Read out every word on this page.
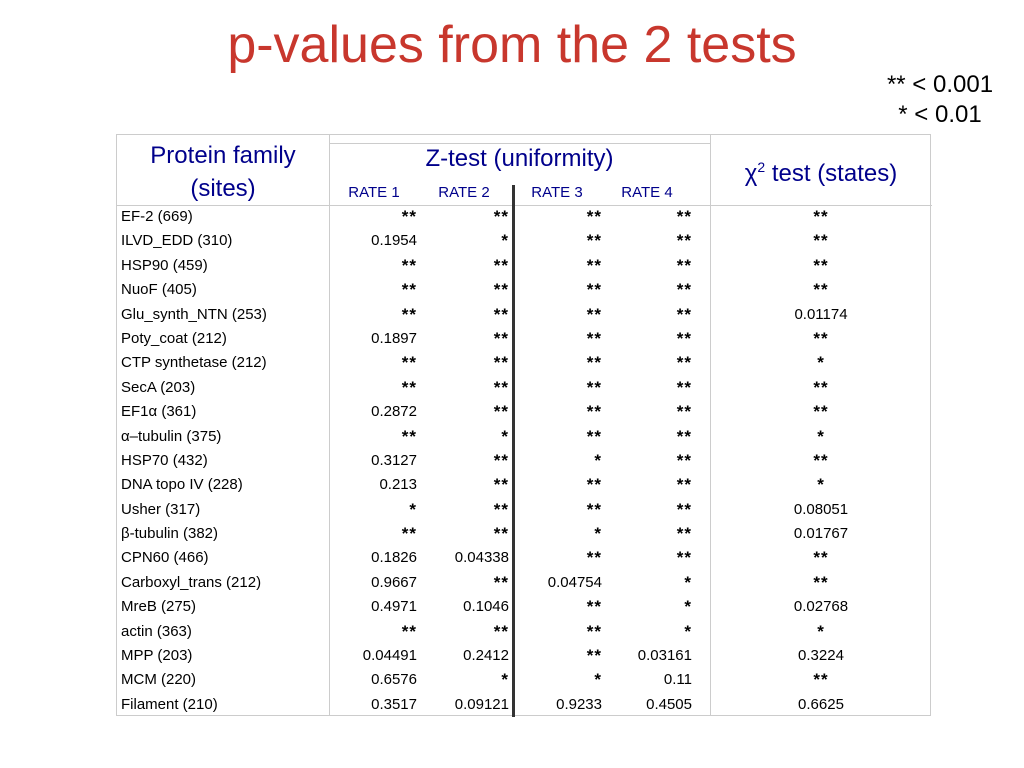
p-values from the 2 tests
** < 0.001
* < 0.01
Protein family
(sites)
Z-test (uniformity)
$\chi^2$ test (states)
RATE 1	RATE 2	RATE 3	RATE 4
EF-2 (669)	**	**	**	**	**
ILVD_EDD (310)	0.1954	*	**	**	**
HSP90 (459)	**	**	**	**	**
NuoF (405)	**	**	**	**	**
Glu_synth_NTN (253)	**	**	**	**	0.01174
Poty_coat (212)	0.1897	**	**	**	**
CTP synthetase (212)	**	**	**	**	*
SecA (203)	**	**	**	**	**
EF1α (361)	0.2872	**	**	**	**
α–tubulin (375)	**	*	**	**	*
HSP70 (432)	0.3127	**	*	**	**
DNA topo IV (228)	0.213	**	**	**	*
Usher (317)	*	**	**	**	0.08051
β-tubulin (382)	**	**	*	**	0.01767
CPN60 (466)	0.1826	0.04338	**	**	**
Carboxyl_trans (212)	0.9667	**	0.04754	*	**
MreB (275)	0.4971	0.1046	**	*	0.02768
actin (363)	**	**	**	*	*
MPP (203)	0.04491	0.2412	**	0.03161	0.3224
MCM (220)	0.6576	*	*	0.11	**
Filament (210)	0.3517	0.09121	0.9233	0.4505	0.6625
